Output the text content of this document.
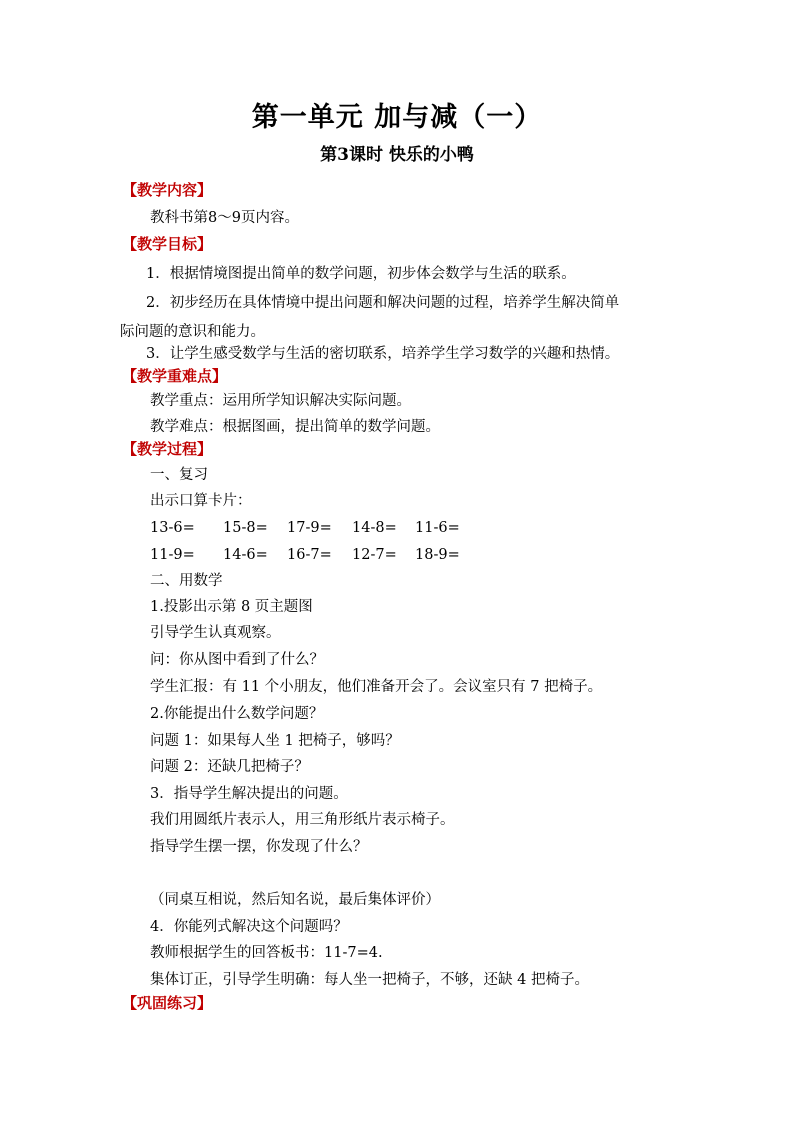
第一单元 加与减（一）
第3课时 快乐的小鸭
【教学内容】
教科书第8～9页内容。
【教学目标】
1．根据情境图提出简单的数学问题，初步体会数学与生活的联系。
2．初步经历在具体情境中提出问题和解决问题的过程，培养学生解决简单
际问题的意识和能力。
3．让学生感受数学与生活的密切联系，培养学生学习数学的兴趣和热情。
【教学重难点】
教学重点：运用所学知识解决实际问题。
教学难点：根据图画，提出简单的数学问题。
【教学过程】
一、复习
出示口算卡片：
13-6= 15-8= 17-9= 14-8= 11-6=
11-9= 14-6= 16-7= 12-7= 18-9=
二、用数学
1.投影出示第 8 页主题图
引导学生认真观察。
问：你从图中看到了什么？
学生汇报：有 11 个小朋友，他们准备开会了。会议室只有 7 把椅子。
2.你能提出什么数学问题？
问题 1：如果每人坐 1 把椅子，够吗？
问题 2：还缺几把椅子？
3．指导学生解决提出的问题。
我们用圆纸片表示人，用三角形纸片表示椅子。
指导学生摆一摆，你发现了什么？
（同桌互相说，然后知名说，最后集体评价）
4．你能列式解决这个问题吗？
教师根据学生的回答板书：11-7=4.
集体订正，引导学生明确：每人坐一把椅子，不够，还缺 4 把椅子。
【巩固练习】
